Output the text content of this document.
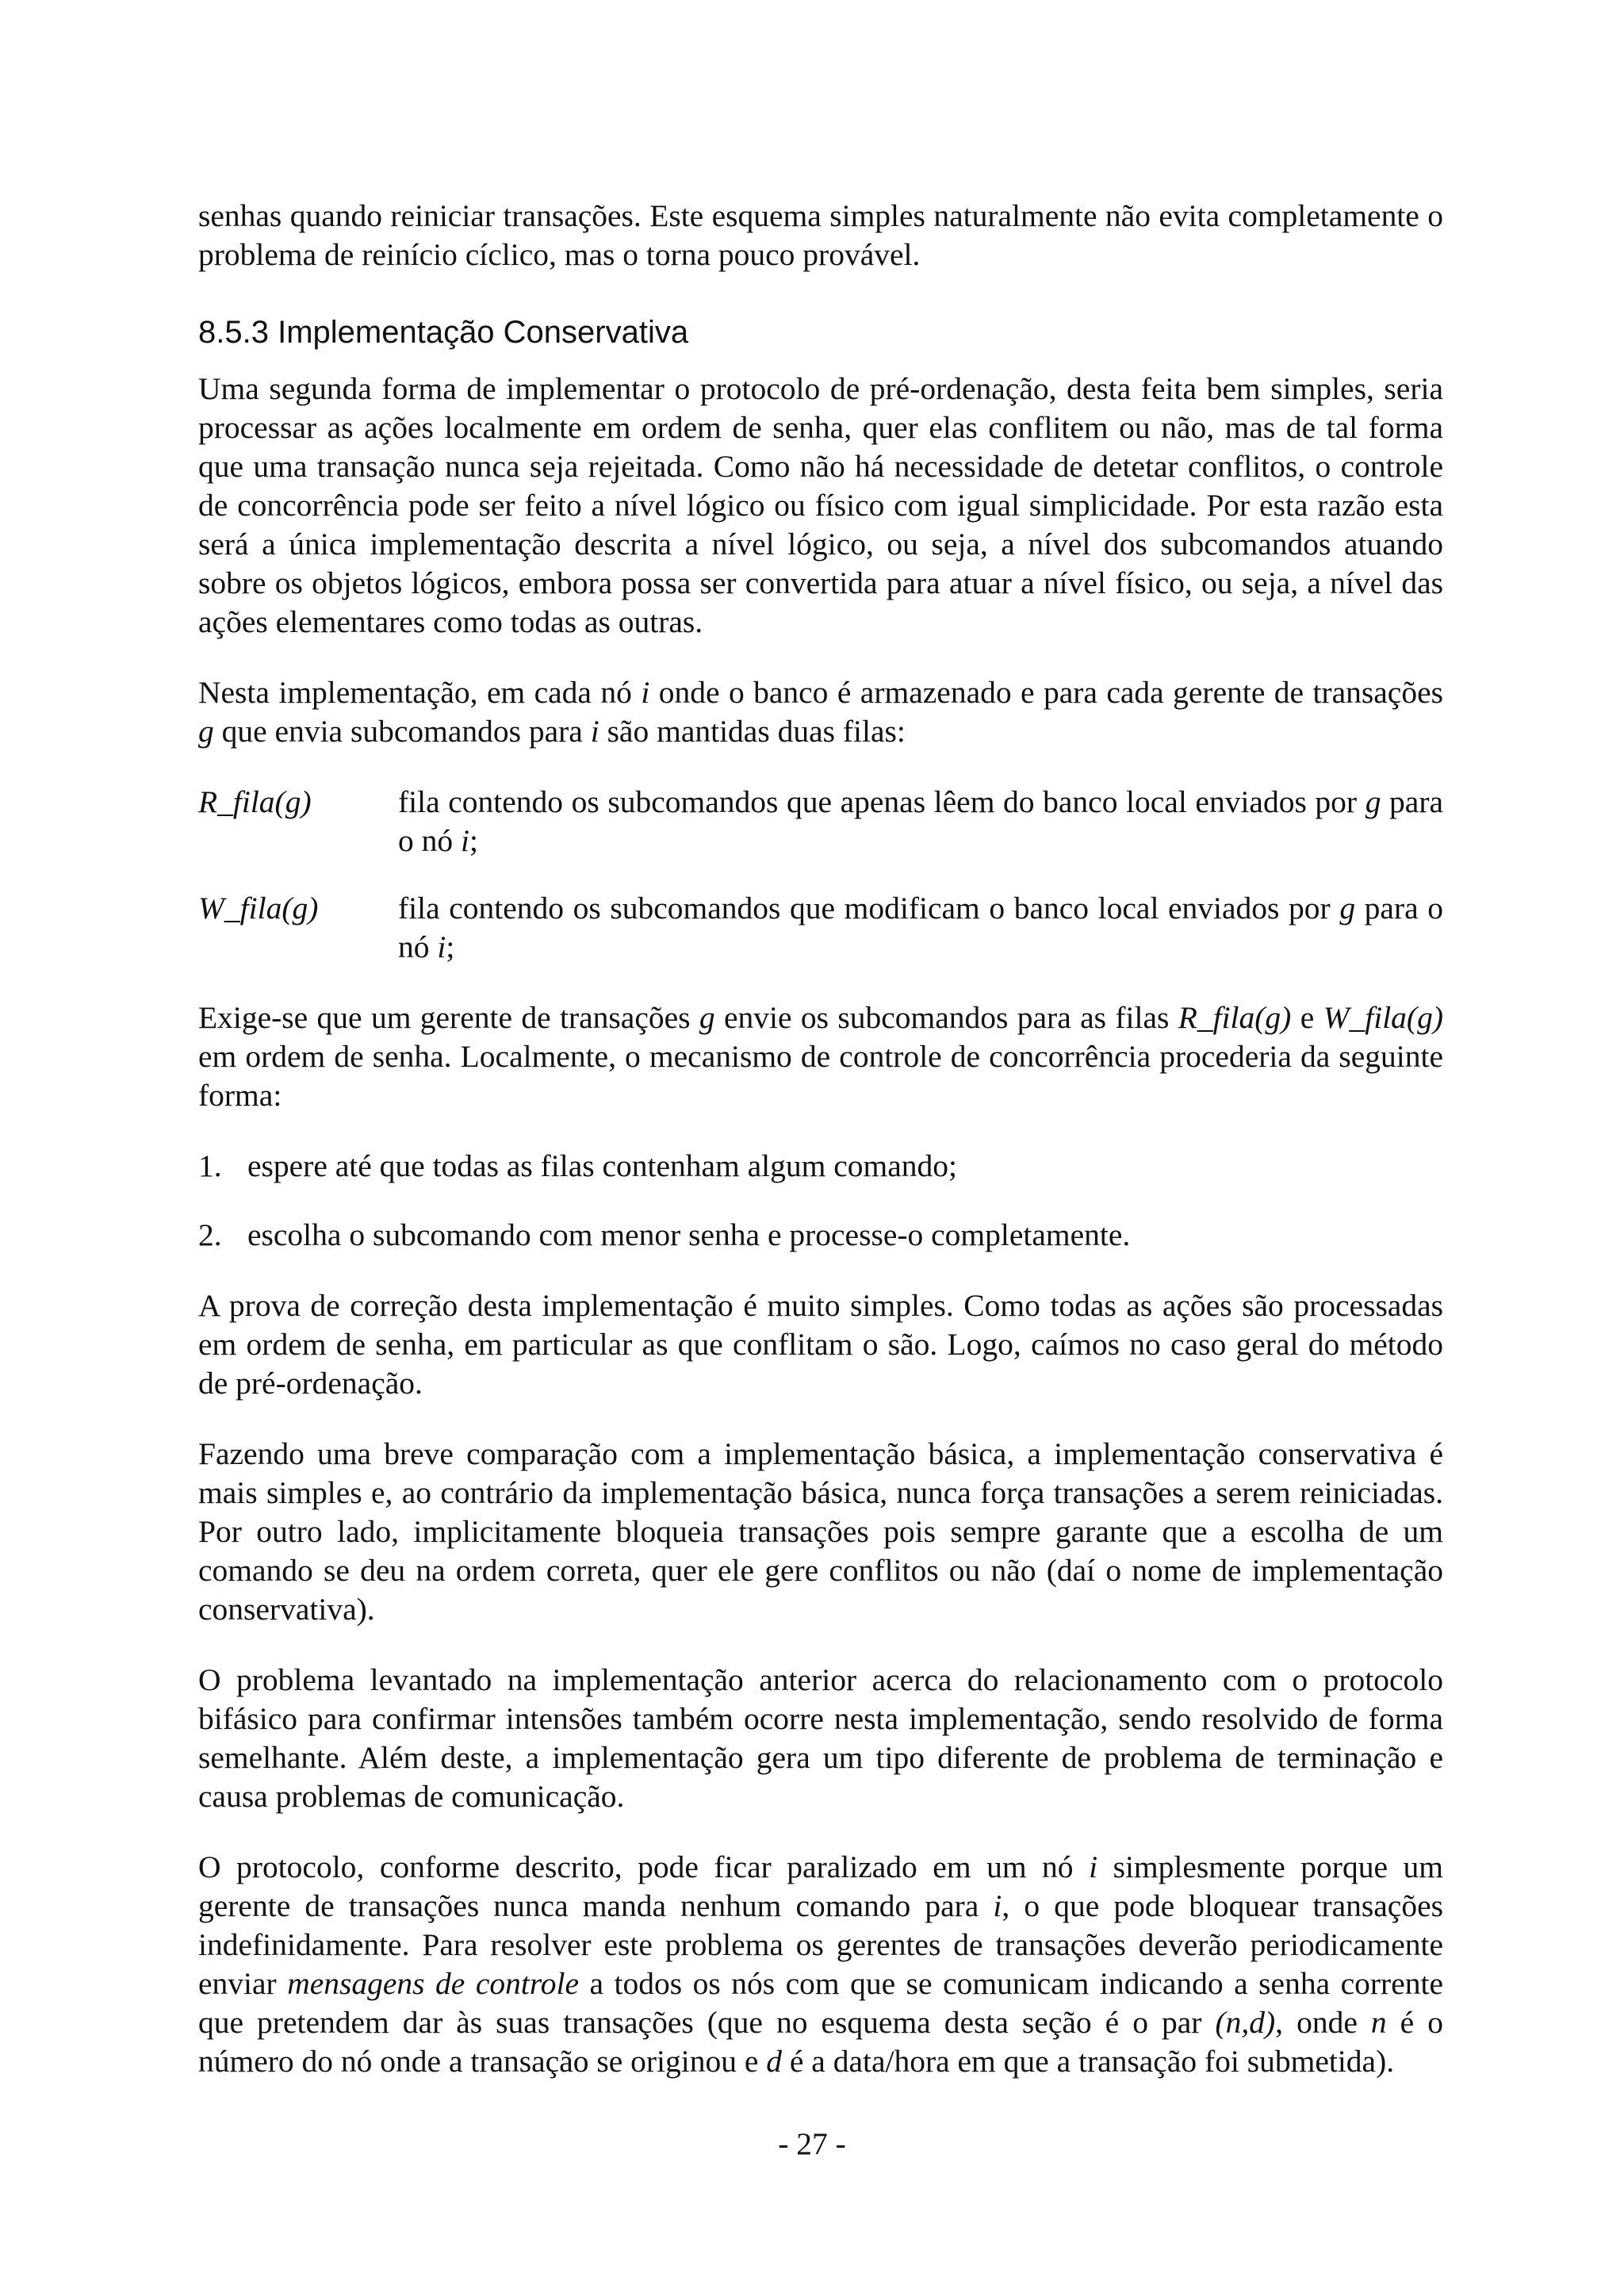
senhas quando reiniciar transações. Este esquema simples naturalmente não evita completamente o problema de reinício cíclico, mas o torna pouco provável.

8.5.3 Implementação Conservativa

Uma segunda forma de implementar o protocolo de pré-ordenação, desta feita bem simples, seria processar as ações localmente em ordem de senha, quer elas conflitem ou não, mas de tal forma que uma transação nunca seja rejeitada. Como não há necessidade de detetar conflitos, o controle de concorrência pode ser feito a nível lógico ou físico com igual simplicidade. Por esta razão esta será a única implementação descrita a nível lógico, ou seja, a nível dos subcomandos atuando sobre os objetos lógicos, embora possa ser convertida para atuar a nível físico, ou seja, a nível das ações elementares como todas as outras.

Nesta implementação, em cada nó i onde o banco é armazenado e para cada gerente de transações g que envia subcomandos para i são mantidas duas filas:

R_fila(g)	fila contendo os subcomandos que apenas lêem do banco local enviados por g para o nó i;
W_fila(g)	fila contendo os subcomandos que modificam o banco local enviados por g para o nó i;

Exige-se que um gerente de transações g envie os subcomandos para as filas R_fila(g) e W_fila(g) em ordem de senha. Localmente, o mecanismo de controle de concorrência procederia da seguinte forma:

1. espere até que todas as filas contenham algum comando;
2. escolha o subcomando com menor senha e processe-o completamente.

A prova de correção desta implementação é muito simples. Como todas as ações são processadas em ordem de senha, em particular as que conflitam o são. Logo, caímos no caso geral do método de pré-ordenação.

Fazendo uma breve comparação com a implementação básica, a implementação conservativa é mais simples e, ao contrário da implementação básica, nunca força transações a serem reiniciadas. Por outro lado, implicitamente bloqueia transações pois sempre garante que a escolha de um comando se deu na ordem correta, quer ele gere conflitos ou não (daí o nome de implementação conservativa).

O problema levantado na implementação anterior acerca do relacionamento com o protocolo bifásico para confirmar intensões também ocorre nesta implementação, sendo resolvido de forma semelhante. Além deste, a implementação gera um tipo diferente de problema de terminação e causa problemas de comunicação.

O protocolo, conforme descrito, pode ficar paralizado em um nó i simplesmente porque um gerente de transações nunca manda nenhum comando para i, o que pode bloquear transações indefinidamente. Para resolver este problema os gerentes de transações deverão periodicamente enviar mensagens de controle a todos os nós com que se comunicam indicando a senha corrente que pretendem dar às suas transações (que no esquema desta seção é o par (n,d), onde n é o número do nó onde a transação se originou e d é a data/hora em que a transação foi submetida).

- 27 -
